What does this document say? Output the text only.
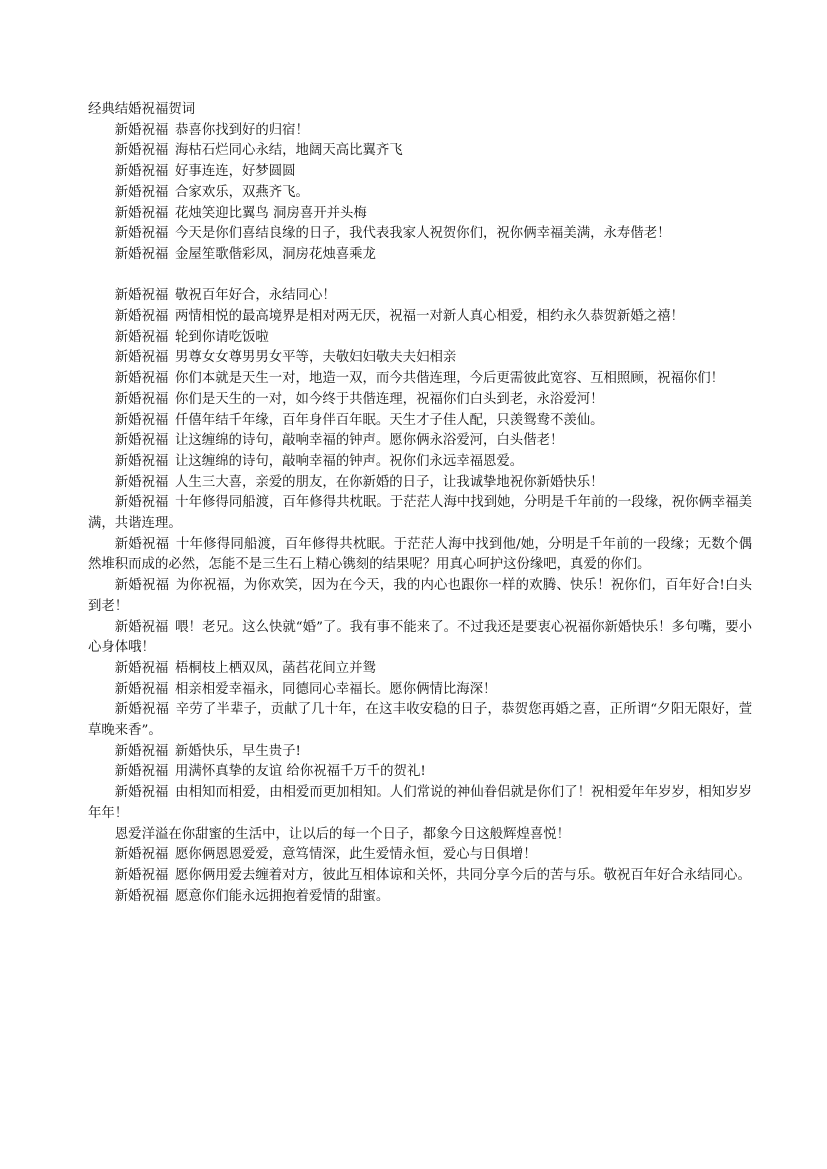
经典结婚祝福贺词
新婚祝福 恭喜你找到好的归宿！
新婚祝福 海枯石烂同心永结，地阔天高比翼齐飞
新婚祝福 好事连连，好梦圆圆
新婚祝福 合家欢乐，双燕齐飞。
新婚祝福 花烛笑迎比翼鸟 洞房喜开并头梅
新婚祝福 今天是你们喜结良缘的日子，我代表我家人祝贺你们，祝你俩幸福美满，永寿偕老！
新婚祝福 金屋笙歌偕彩凤，洞房花烛喜乘龙
新婚祝福 敬祝百年好合，永结同心！
新婚祝福 两情相悦的最高境界是相对两无厌，祝福一对新人真心相爱，相约永久恭贺新婚之禧！
新婚祝福 轮到你请吃饭啦
新婚祝福 男尊女女尊男男女平等，夫敬妇妇敬夫夫妇相亲
新婚祝福 你们本就是天生一对，地造一双，而今共偕连理，今后更需彼此宽容、互相照顾，祝福你们！
新婚祝福 你们是天生的一对，如今终于共偕连理，祝福你们白头到老，永浴爱河！
新婚祝福 仟僖年结千年缘，百年身伴百年眠。天生才子佳人配，只羡鸳鸯不羡仙。
新婚祝福 让这缠绵的诗句，敲响幸福的钟声。愿你俩永浴爱河，白头偕老！
新婚祝福 让这缠绵的诗句，敲响幸福的钟声。祝你们永远幸福恩爱。
新婚祝福 人生三大喜，亲爱的朋友，在你新婚的日子，让我诚挚地祝你新婚快乐！
新婚祝福 十年修得同船渡，百年修得共枕眠。于茫茫人海中找到她，分明是千年前的一段缘，祝你俩幸福美满，共谐连理。
新婚祝福 十年修得同船渡，百年修得共枕眠。于茫茫人海中找到他/她，分明是千年前的一段缘；无数个偶然堆积而成的必然，怎能不是三生石上精心镌刻的结果呢？用真心呵护这份缘吧，真爱的你们。
新婚祝福 为你祝福，为你欢笑，因为在今天，我的内心也跟你一样的欢腾、快乐！祝你们，百年好合!白头到老！
新婚祝福 喂！老兄。这么快就“婚”了。我有事不能来了。不过我还是要衷心祝福你新婚快乐！多句嘴，要小心身体哦！
新婚祝福 梧桐枝上栖双凤，菡萏花间立并鸳
新婚祝福 相亲相爱幸福永，同德同心幸福长。愿你俩情比海深！
新婚祝福 辛劳了半辈子，贡献了几十年，在这丰收安稳的日子，恭贺您再婚之喜，正所谓“夕阳无限好，萱草晚来香”。
新婚祝福 新婚快乐，早生贵子!
新婚祝福 用满怀真挚的友谊 给你祝福千万千的贺礼!
新婚祝福 由相知而相爱，由相爱而更加相知。人们常说的神仙眷侣就是你们了！祝相爱年年岁岁，相知岁岁年年！
恩爱洋溢在你甜蜜的生活中，让以后的每一个日子，都象今日这般辉煌喜悦！
新婚祝福 愿你俩恩恩爱爱，意笃情深，此生爱情永恒，爱心与日俱增！
新婚祝福 愿你俩用爱去缠着对方，彼此互相体谅和关怀，共同分享今后的苦与乐。敬祝百年好合永结同心。
新婚祝福 愿意你们能永远拥抱着爱情的甜蜜。
